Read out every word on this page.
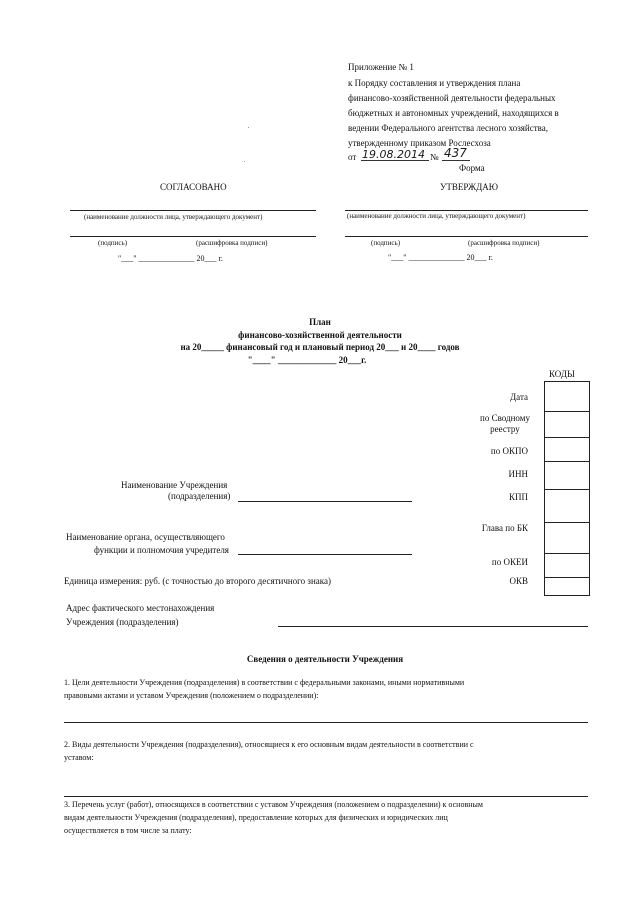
Приложение № 1
к Порядку составления и утверждения плана
финансово-хозяйственной деятельности федеральных
бюджетных и автономных учреждений, находящихся в
ведении Федерального агентства лесного хозяйства,
утвержденному приказом Рослесхоза
от 19.08.2014 № 437
Форма
СОГЛАСОВАНО
(наименование должности лица, утверждающего документ)
(подпись)	(расшифровка подписи)
"___" ______________ 20___ г.
УТВЕРЖДАЮ
(наименование должности лица, утверждающего документ)
(подпись)	(расшифровка подписи)
"___" ______________ 20___ г.
План
финансово-хозяйственной деятельности
на 20_____ финансовый год и плановый период 20___ и 20____ годов
"____" _____________ 20___г.
КОДЫ
Дата
по Сводному реестру
по ОКПО
ИНН
КПП
Глава по БК
по ОКЕИ
ОКВ
Наименование Учреждения
(подразделения)
Наименование органа, осуществляющего
функции и полномочия учредителя
Единица измерения: руб. (с точностью до второго десятичного знака)
Адрес фактического местонахождения
Учреждения (подразделения)
Сведения о деятельности Учреждения
1. Цели деятельности Учреждения (подразделения) в соответствии с федеральными законами, иными нормативными
правовыми актами и уставом Учреждения (положением о подразделении):
2. Виды деятельности Учреждения (подразделения), относящиеся к его основным видам деятельности в соответствии с
уставом:
3. Перечень услуг (работ), относящихся в соответствии с уставом Учреждения (положением о подразделении) к основным
видам деятельности Учреждения (подразделения), предоставление которых для физических и юридических лиц
осуществляется в том числе за плату:
